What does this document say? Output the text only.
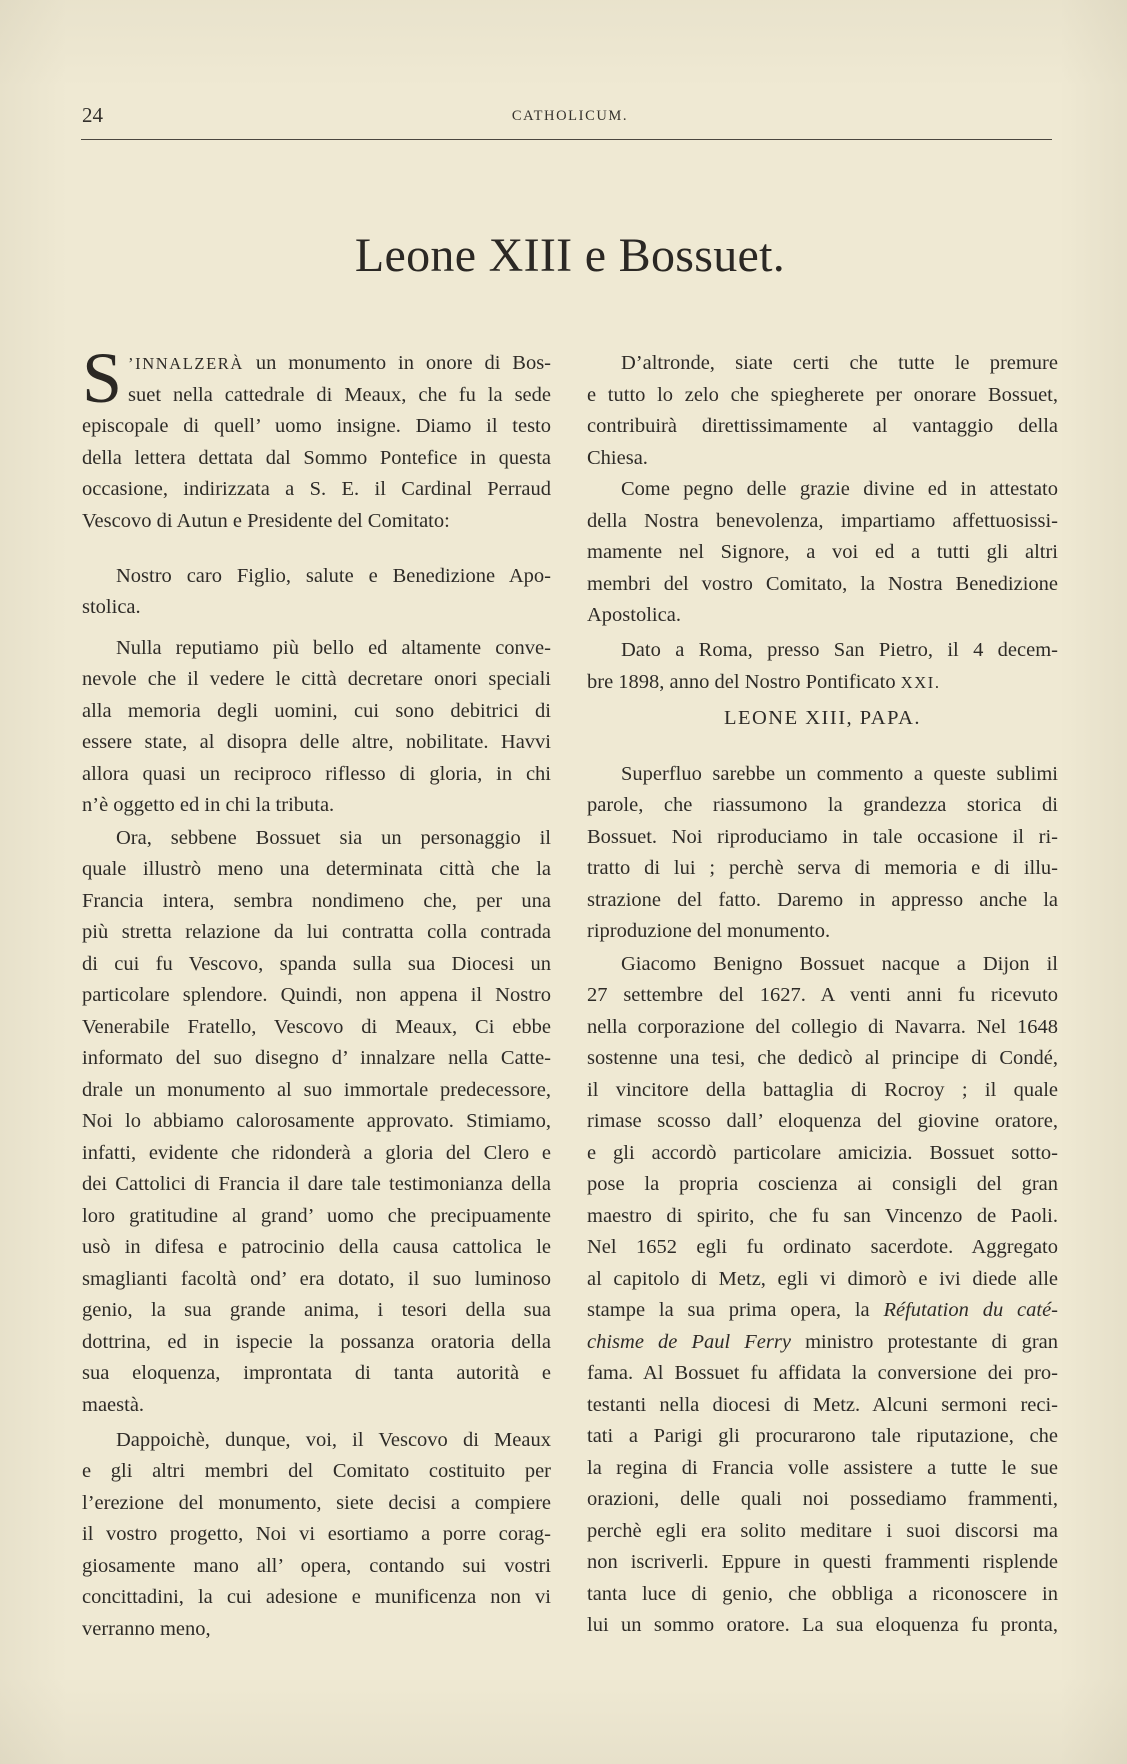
24	CATHOLICUM.
Leone XIII e Bossuet.
S ’INNALZERÀ un monumento in onore di Bos-
suet nella cattedrale di Meaux, che fu la sede
episcopale di quell’ uomo insigne. Diamo il testo
della lettera dettata dal Sommo Pontefice in questa
occasione, indirizzata a S. E. il Cardinal Perraud
Vescovo di Autun e Presidente del Comitato:
Nostro caro Figlio, salute e Benedizione Apo-
stolica.
Nulla reputiamo più bello ed altamente conve-
nevole che il vedere le città decretare onori speciali
alla memoria degli uomini, cui sono debitrici di
essere state, al disopra delle altre, nobilitate. Havvi
allora quasi un reciproco riflesso di gloria, in chi
n’è oggetto ed in chi la tributa.
Ora, sebbene Bossuet sia un personaggio il
quale illustrò meno una determinata città che la
Francia intera, sembra nondimeno che, per una
più stretta relazione da lui contratta colla contrada
di cui fu Vescovo, spanda sulla sua Diocesi un
particolare splendore. Quindi, non appena il Nostro
Venerabile Fratello, Vescovo di Meaux, Ci ebbe
informato del suo disegno d’ innalzare nella Catte-
drale un monumento al suo immortale predecessore,
Noi lo abbiamo calorosamente approvato. Stimiamo,
infatti, evidente che ridonderà a gloria del Clero e
dei Cattolici di Francia il dare tale testimonianza della
loro gratitudine al grand’ uomo che precipuamente
usò in difesa e patrocinio della causa cattolica le
smaglianti facoltà ond’ era dotato, il suo luminoso
genio, la sua grande anima, i tesori della sua
dottrina, ed in ispecie la possanza oratoria della
sua eloquenza, improntata di tanta autorità e
maestà.
Dappoichè, dunque, voi, il Vescovo di Meaux
e gli altri membri del Comitato costituito per
l’erezione del monumento, siete decisi a compiere
il vostro progetto, Noi vi esortiamo a porre corag-
giosamente mano all’ opera, contando sui vostri
concittadini, la cui adesione e munificenza non vi
verranno meno,
D’altronde, siate certi che tutte le premure
e tutto lo zelo che spiegherete per onorare Bossuet,
contribuirà direttissimamente al vantaggio della
Chiesa.
Come pegno delle grazie divine ed in attestato
della Nostra benevolenza, impartiamo affettuosissi-
mamente nel Signore, a voi ed a tutti gli altri
membri del vostro Comitato, la Nostra Benedizione
Apostolica.
Dato a Roma, presso San Pietro, il 4 decem-
bre 1898, anno del Nostro Pontificato XXI.
LEONE XIII, PAPA.
Superfluo sarebbe un commento a queste sublimi
parole, che riassumono la grandezza storica di
Bossuet. Noi riproduciamo in tale occasione il ri-
tratto di lui ; perchè serva di memoria e di illu-
strazione del fatto. Daremo in appresso anche la
riproduzione del monumento.
Giacomo Benigno Bossuet nacque a Dijon il
27 settembre del 1627. A venti anni fu ricevuto
nella corporazione del collegio di Navarra. Nel 1648
sostenne una tesi, che dedicò al principe di Condé,
il vincitore della battaglia di Rocroy ; il quale
rimase scosso dall’ eloquenza del giovine oratore,
e gli accordò particolare amicizia. Bossuet sotto-
pose la propria coscienza ai consigli del gran
maestro di spirito, che fu san Vincenzo de Paoli.
Nel 1652 egli fu ordinato sacerdote. Aggregato
al capitolo di Metz, egli vi dimorò e ivi diede alle
stampe la sua prima opera, la Réfutation du caté-
chisme de Paul Ferry ministro protestante di gran
fama. Al Bossuet fu affidata la conversione dei pro-
testanti nella diocesi di Metz. Alcuni sermoni reci-
tati a Parigi gli procurarono tale riputazione, che
la regina di Francia volle assistere a tutte le sue
orazioni, delle quali noi possediamo frammenti,
perchè egli era solito meditare i suoi discorsi ma
non iscriverli. Eppure in questi frammenti risplende
tanta luce di genio, che obbliga a riconoscere in
lui un sommo oratore. La sua eloquenza fu pronta,
